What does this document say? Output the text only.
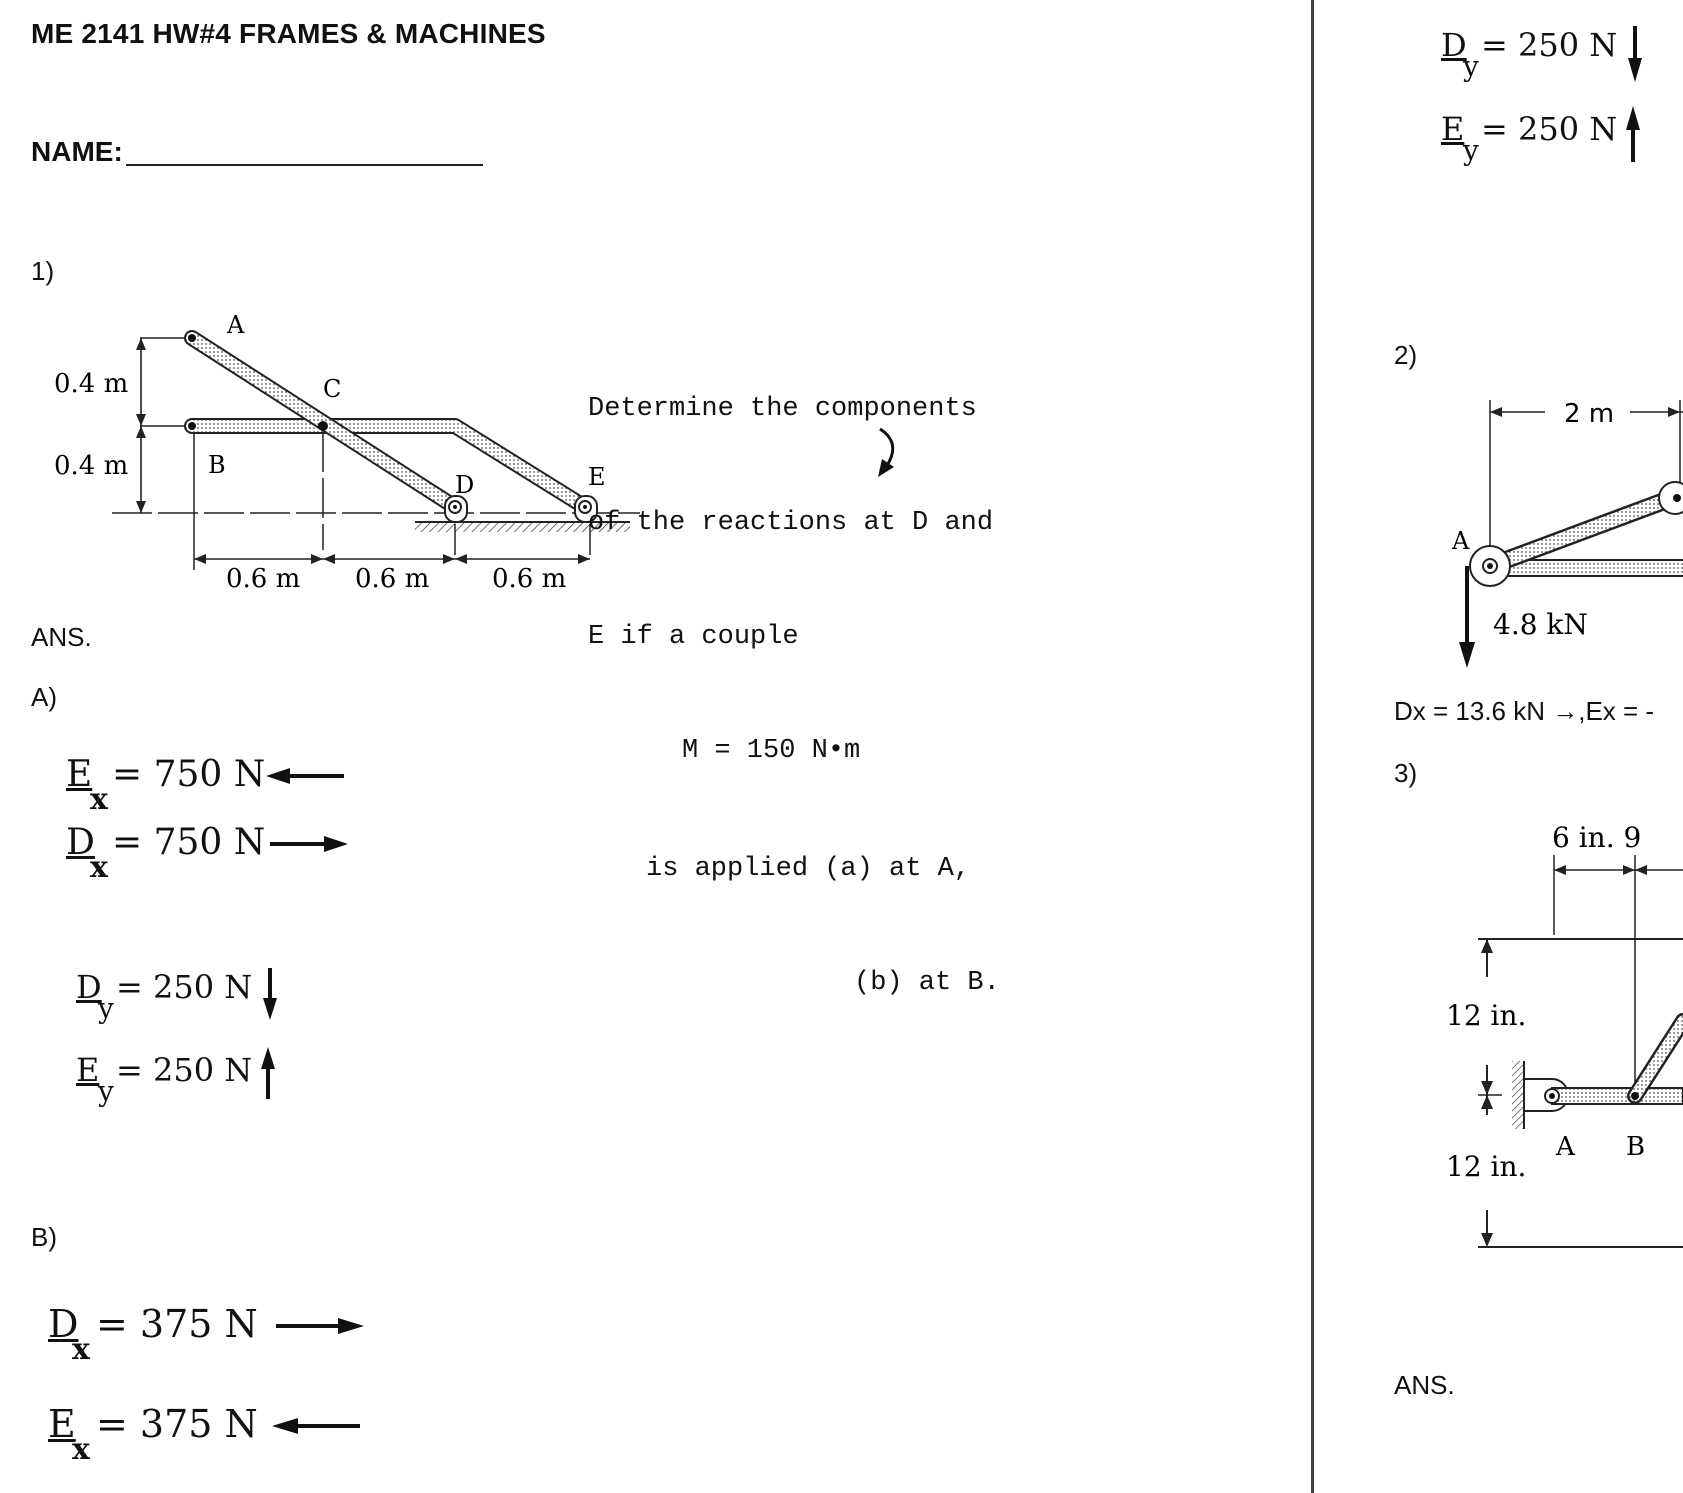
ME 2141 HW#4 FRAMES & MACHINES
NAME:
1)
0.4 m
0.4 m
A
C
B
D	E
0.6 m 0.6 m 0.6 m

Determine the components

of the reactions at D and

E if a couple

M = 150 N•m

is applied (a) at A,

(b) at B.

ANS.
A)
E
x
= 750 N
D
x
= 750 N
D
y
= 250 N
E
y
= 250 N
B)
D
x
= 375 N
E
x
= 375 N
D
y
= 250 N
E
y
= 250 N
2)
2 m
A
4.8 kN
Dx = 13.6 kN →,Ex = -
3)
6 in. 9
12 in.
A B
12 in.
ANS.
